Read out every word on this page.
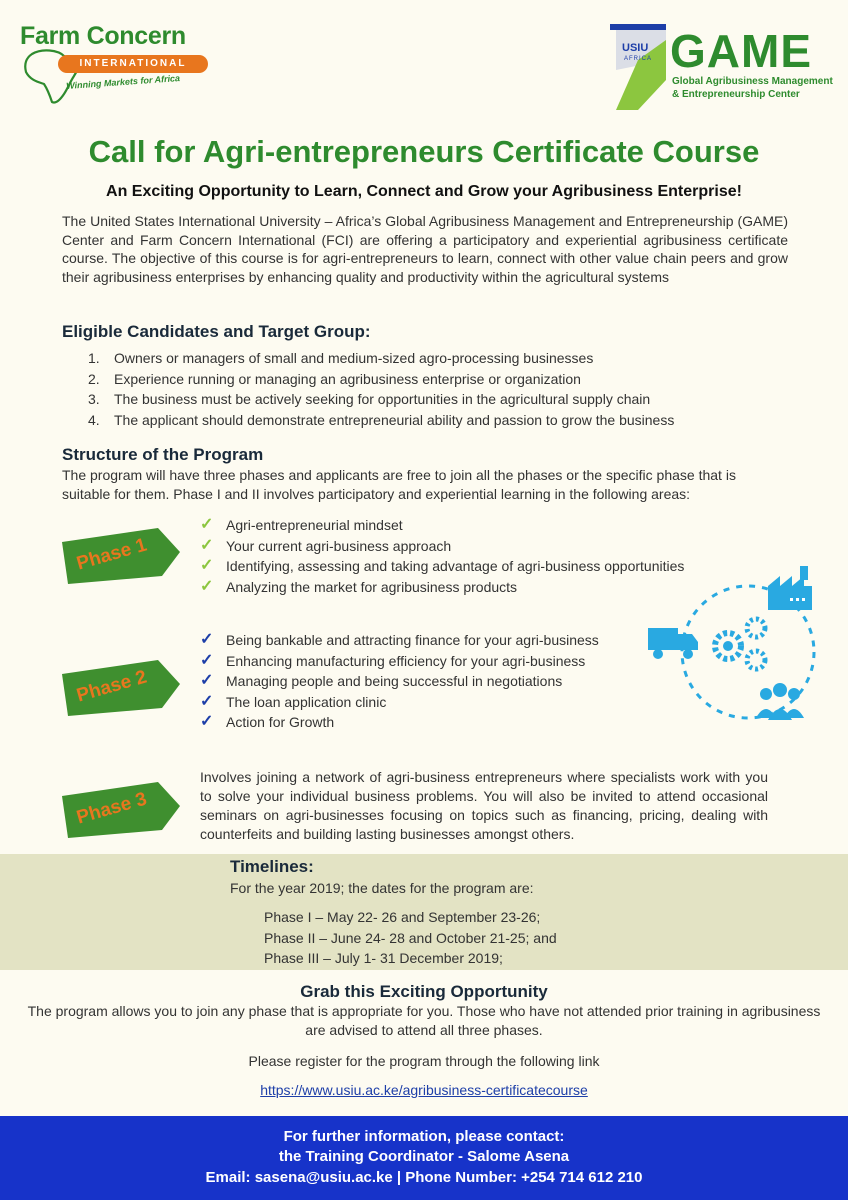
Farm Concern
INTERNATIONAL
Winning Markets for Africa
USIU
AFRICA GAME
Global Agribusiness Management
& Entrepreneurship Center
Call for Agri-entrepreneurs Certificate Course
An Exciting Opportunity to Learn, Connect and Grow your Agribusiness Enterprise!
The United States International University – Africa’s Global Agribusiness Management and Entrepreneurship (GAME) Center and Farm Concern International (FCI) are offering a participatory and experiential agribusiness certificate course. The objective of this course is for agri-entrepreneurs to learn, connect with other value chain peers and grow their agribusiness enterprises by enhancing quality and productivity within the agricultural systems
Eligible Candidates and Target Group:
1. Owners or managers of small and medium-sized agro-processing businesses
2. Experience running or managing an agribusiness enterprise or organization
3. The business must be actively seeking for opportunities in the agricultural supply chain
4. The applicant should demonstrate entrepreneurial ability and passion to grow the business
Structure of the Program
The program will have three phases and applicants are free to join all the phases or the specific phase that is suitable for them. Phase I and II involves participatory and experiential learning in the following areas:
Phase 1
✓ Agri-entrepreneurial mindset
✓ Your current agri-business approach
✓ Identifying, assessing and taking advantage of agri-business opportunities
✓ Analyzing the market for agribusiness products
Phase 2
✓ Being bankable and attracting finance for your agri-business
✓ Enhancing manufacturing efficiency for your agri-business
✓ Managing people and being successful in negotiations
✓ The loan application clinic
✓ Action for Growth
Phase 3
Involves joining a network of agri-business entrepreneurs where specialists work with you to solve your individual business problems. You will also be invited to attend occasional seminars on agri-businesses focusing on topics such as financing, pricing, dealing with counterfeits and building lasting businesses amongst others.
Timelines:
For the year 2019; the dates for the program are:
Phase I – May 22- 26 and September 23-26;
Phase II – June 24- 28 and October 21-25; and
Phase III – July 1- 31 December 2019;
Grab this Exciting Opportunity
The program allows you to join any phase that is appropriate for you. Those who have not attended prior training in agribusiness are advised to attend all three phases.
Please register for the program through the following link
https://www.usiu.ac.ke/agribusiness-certificatecourse
For further information, please contact:
the Training Coordinator - Salome Asena
Email: sasena@usiu.ac.ke | Phone Number: +254 714 612 210
